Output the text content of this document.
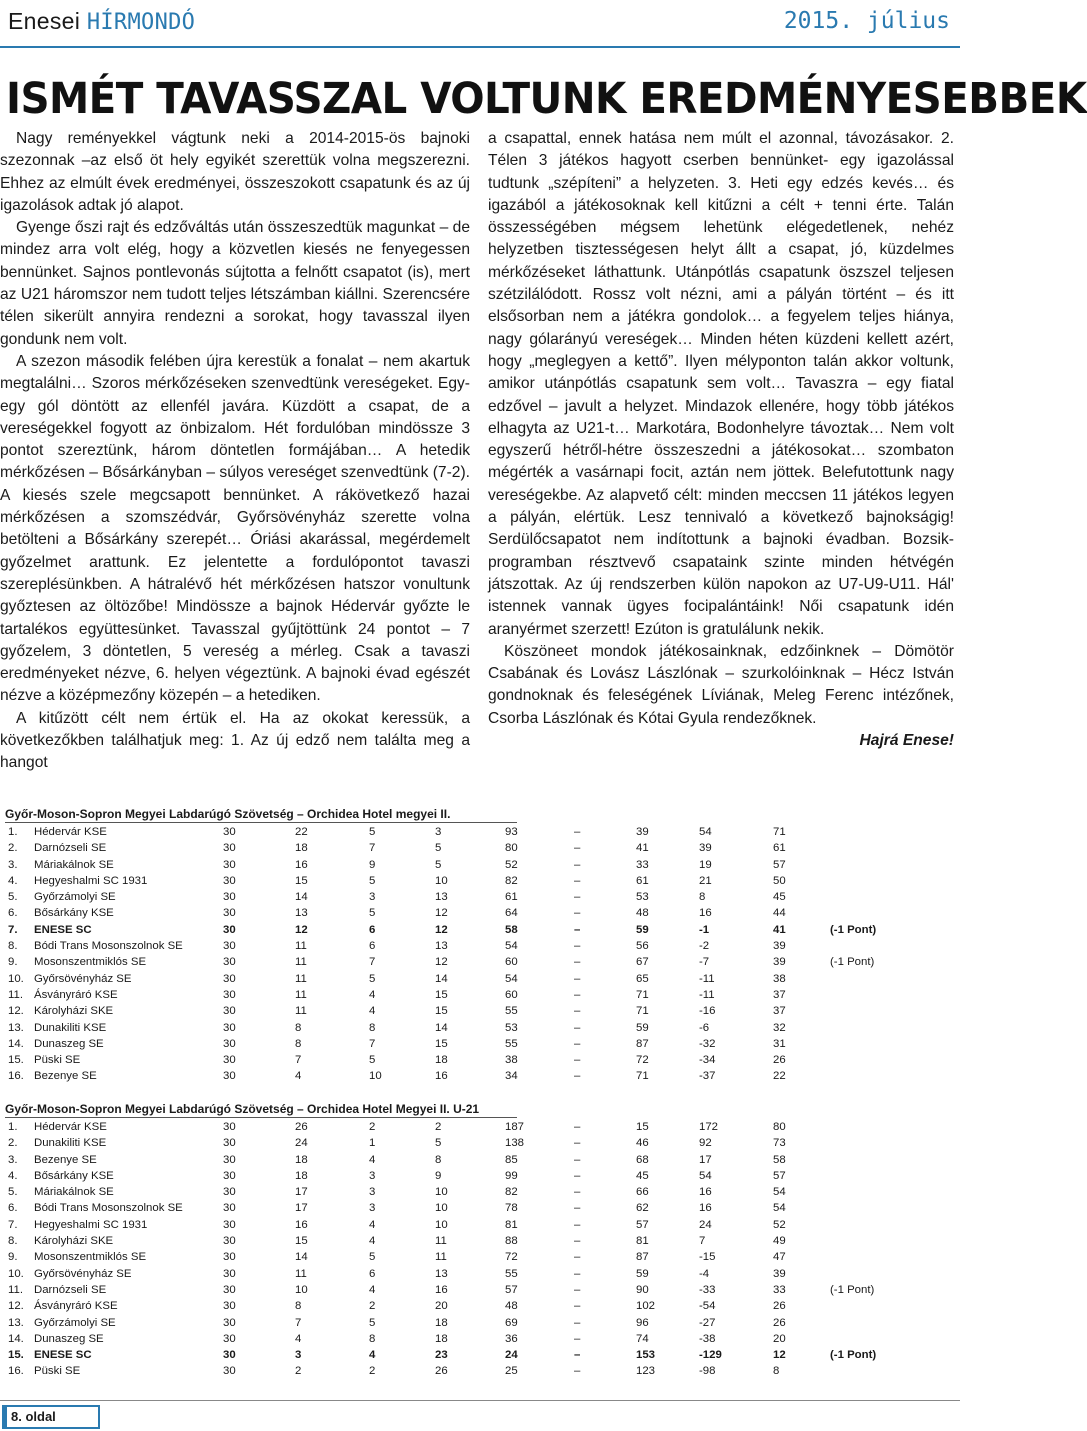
Enesei HÍRMONDÓ	2015. július
ISMÉT TAVASSZAL VOLTUNK EREDMÉNYESEBBEK

Nagy reményekkel vágtunk neki a 2014-2015-ös bajnoki szezonnak –az első öt hely egyikét szerettük volna megszerezni. Ehhez az elmúlt évek eredményei, összeszokott csapatunk és az új igazolások adtak jó alapot.

Gyenge őszi rajt és edzőváltás után összeszedtük magunkat – de mindez arra volt elég, hogy a közvetlen kiesés ne fenyegessen bennünket. Sajnos pontlevonás sújtotta a felnőtt csapatot (is), mert az U21 háromszor nem tudott teljes létszámban kiállni. Szerencsére télen sikerült annyira rendezni a sorokat, hogy tavasszal ilyen gondunk nem volt.

A szezon második felében újra kerestük a fonalat – nem akartuk megtalálni… Szoros mérkőzéseken szenvedtünk vereségeket. Egy-egy gól döntött az ellenfél javára. Küzdött a csapat, de a vereségekkel fogyott az önbizalom. Hét fordulóban mindössze 3 pontot szereztünk, három döntetlen formájában… A hetedik mérkőzésen – Bősárkányban – súlyos vereséget szenvedtünk (7-2). A kiesés szele megcsapott bennünket. A rákövetkező hazai mérkőzésen a szomszédvár, Győrsövényház szerette volna betölteni a Bősárkány szerepét… Óriási akarással, megérdemelt győzelmet arattunk. Ez jelentette a fordulópontot tavaszi szereplésünkben. A hátralévő hét mérkőzésen hatszor vonultunk győztesen az öltözőbe! Mindössze a bajnok Hédervár győzte le tartalékos együttesünket. Tavasszal gyűjtöttünk 24 pontot – 7 győzelem, 3 döntetlen, 5 vereség a mérleg. Csak a tavaszi eredményeket nézve, 6. helyen végeztünk. A bajnoki évad egészét nézve a középmezőny közepén – a hetediken.

A kitűzött célt nem értük el. Ha az okokat keressük, a következőkben találhatjuk meg: 1. Az új edző nem találta meg a hangot

a csapattal, ennek hatása nem múlt el azonnal, távozásakor. 2. Télen 3 játékos hagyott cserben bennünket- egy igazolással tudtunk „szépíteni” a helyzeten. 3. Heti egy edzés kevés… és igazából a játékosoknak kell kitűzni a célt + tenni érte. Talán összességében mégsem lehetünk elégedetlenek, nehéz helyzetben tisztességesen helyt állt a csapat, jó, küzdelmes mérkőzéseket láthattunk. Utánpótlás csapatunk öszszel teljesen szétzilálódott. Rossz volt nézni, ami a pályán történt – és itt elsősorban nem a játékra gondolok… a fegyelem teljes hiánya, nagy gólarányú vereségek… Minden héten küzdeni kellett azért, hogy „meglegyen a kettő”. Ilyen mélyponton talán akkor voltunk, amikor utánpótlás csapatunk sem volt… Tavaszra – egy fiatal edzővel – javult a helyzet. Mindazok ellenére, hogy több játékos elhagyta az U21-t… Markotára, Bodonhelyre távoztak… Nem volt egyszerű hétről-hétre összeszedni a játékosokat… szombaton mégérték a vasárnapi focit, aztán nem jöttek. Belefutottunk nagy vereségekbe. Az alapvető célt: minden meccsen 11 játékos legyen a pályán, elértük. Lesz tennivaló a következő bajnokságig! Serdülőcsapatot nem indítottunk a bajnoki évadban. Bozsik-programban résztvevő csapataink szinte minden hétvégén játszottak. Az új rendszerben külön napokon az U7-U9-U11. Hál' istennek vannak ügyes focipalántáink! Női csapatunk idén aranyérmet szerzett! Ezúton is gratulálunk nekik.

Köszöneet mondok játékosainknak, edzőinknek – Dömötör Csabának és Lovász Lászlónak – szurkolóinknak – Hécz István gondnoknak és feleségének Líviának, Meleg Ferenc intézőnek, Csorba Lászlónak és Kótai Gyula rendezőknek.

Hajrá Enese!

Győr-Moson-Sopron Megyei Labdarúgó Szövetség – Orchidea Hotel megyei II.
1. Hédervár KSE	30	22	5	3	93	–	39	54	71
2. Darnózseli SE	30	18	7	5	80	–	41	39	61
3. Máriakálnok SE	30	16	9	5	52	–	33	19	57
4. Hegyeshalmi SC 1931	30	15	5	10	82	–	61	21	50
5. Győrzámolyi SE	30	14	3	13	61	–	53	8	45
6. Bősárkány KSE	30	13	5	12	64	–	48	16	44
7. ENESE SC	30	12	6	12	58	–	59	-1	41	(-1 Pont)
8. Bódi Trans Mosonszolnok SE	30	11	6	13	54	–	56	-2	39
9. Mosonszentmiklós SE	30	11	7	12	60	–	67	-7	39	(-1 Pont)
10. Győrsövényház SE	30	11	5	14	54	–	65	-11	38
11. Ásványráró KSE	30	11	4	15	60	–	71	-11	37
12. Károlyházi SKE	30	11	4	15	55	–	71	-16	37
13. Dunakiliti KSE	30	8	8	14	53	–	59	-6	32
14. Dunaszeg SE	30	8	7	15	55	–	87	-32	31
15. Püski SE	30	7	5	18	38	–	72	-34	26
16. Bezenye SE	30	4	10	16	34	–	71	-37	22
Győr-Moson-Sopron Megyei Labdarúgó Szövetség – Orchidea Hotel Megyei II. U-21
1. Hédervár KSE	30	26	2	2	187	–	15	172	80
2. Dunakiliti KSE	30	24	1	5	138	–	46	92	73
3. Bezenye SE	30	18	4	8	85	–	68	17	58
4. Bősárkány KSE	30	18	3	9	99	–	45	54	57
5. Máriakálnok SE	30	17	3	10	82	–	66	16	54
6. Bódi Trans Mosonszolnok SE	30	17	3	10	78	–	62	16	54
7. Hegyeshalmi SC 1931	30	16	4	10	81	–	57	24	52
8. Károlyházi SKE	30	15	4	11	88	–	81	7	49
9. Mosonszentmiklós SE	30	14	5	11	72	–	87	-15	47
10. Győrsövényház SE	30	11	6	13	55	–	59	-4	39
11. Darnózseli SE	30	10	4	16	57	–	90	-33	33	(-1 Pont)
12. Ásványráró KSE	30	8	2	20	48	–	102	-54	26
13. Győrzámolyi SE	30	7	5	18	69	–	96	-27	26
14. Dunaszeg SE	30	4	8	18	36	–	74	-38	20
15. ENESE SC	30	3	4	23	24	–	153	-129	12	(-1 Pont)
16. Püski SE	30	2	2	26	25	–	123	-98	8
8. oldal
